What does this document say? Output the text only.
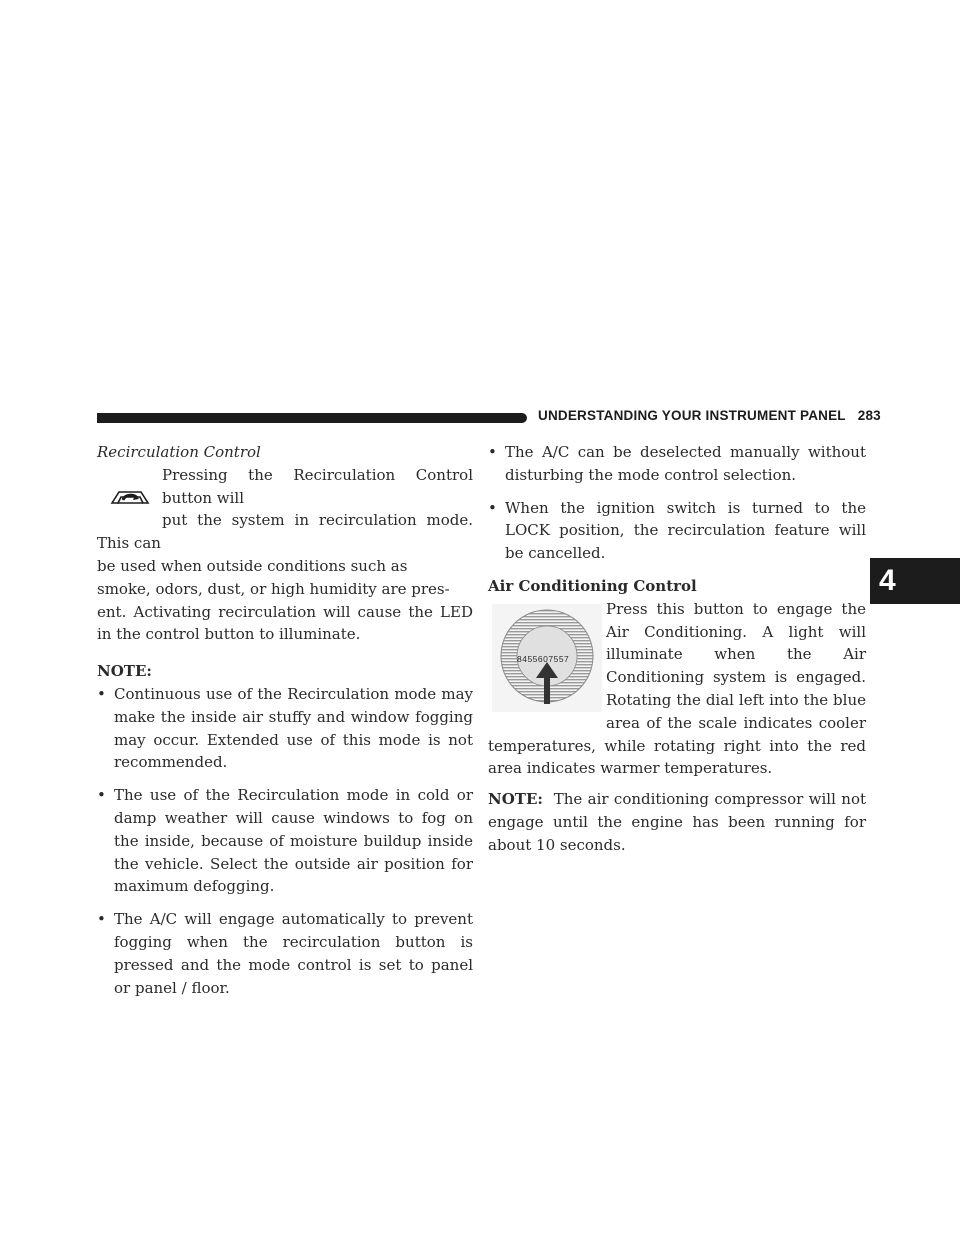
UNDERSTANDING YOUR INSTRUMENT PANEL 283
4
Recirculation Control
Pressing the Recirculation Control button will
put the system in recirculation mode. This can
be used when outside conditions such as
smoke, odors, dust, or high humidity are pres-

ent. Activating recirculation will cause the LED in the control button to illuminate.

NOTE:
• Continuous use of the Recirculation mode may make the inside air stuffy and window fogging may occur. Extended use of this mode is not recommended.
• The use of the Recirculation mode in cold or damp weather will cause windows to fog on the inside, because of moisture buildup inside the vehicle. Select the outside air position for maximum defogging.
• The A/C will engage automatically to prevent fogging when the recirculation button is pressed and the mode control is set to panel or panel / floor.
• The A/C can be deselected manually without disturbing the mode control selection.
• When the ignition switch is turned to the LOCK position, the recirculation feature will be cancelled.
Air Conditioning Control
Press this button to engage the Air Conditioning. A light will illuminate when the Air Conditioning system is engaged. Rotating the dial left into the blue area of the scale indicates cooler temperatures, while rotating right into the red area indicates warmer temperatures.

NOTE: The air conditioning compressor will not engage until the engine has been running for about 10 seconds.

8455607557
